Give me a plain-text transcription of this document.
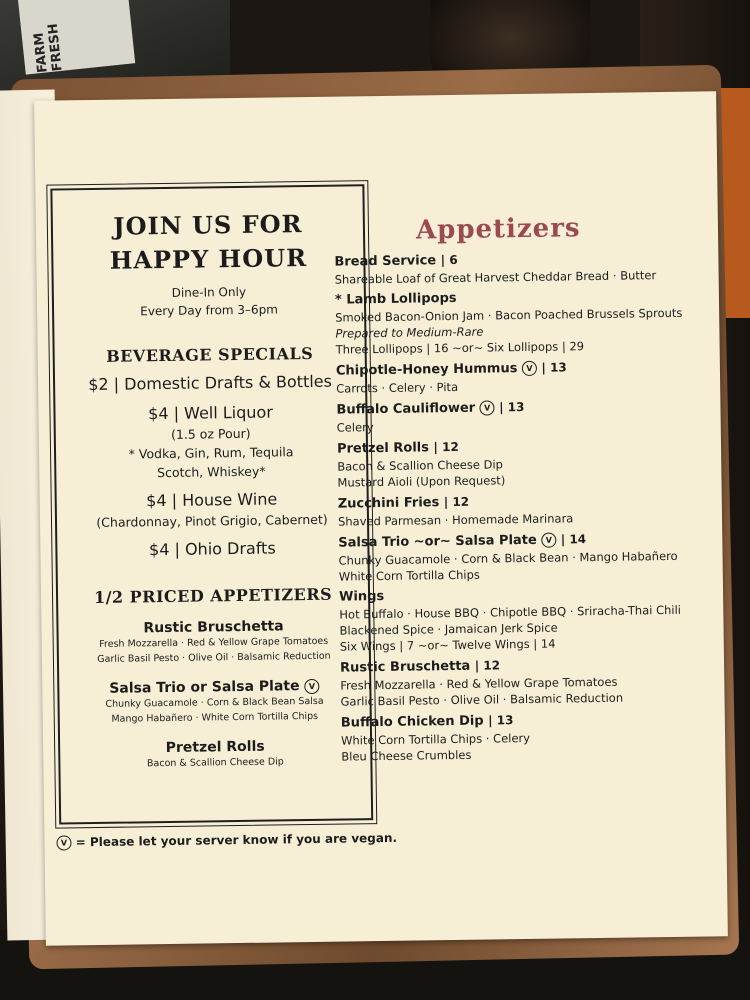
FARM FRESH
JOIN US FOR
HAPPY HOUR
Dine-In Only
Every Day from 3–6pm
BEVERAGE SPECIALS
$2 | Domestic Drafts & Bottles
$4 | Well Liquor
(1.5 oz Pour)
* Vodka, Gin, Rum, Tequila
Scotch, Whiskey*
$4 | House Wine
(Chardonnay, Pinot Grigio, Cabernet)
$4 | Ohio Drafts
1/2 PRICED APPETIZERS
Rustic Bruschetta
Fresh Mozzarella · Red & Yellow Grape Tomatoes
Garlic Basil Pesto · Olive Oil · Balsamic Reduction
Salsa Trio or Salsa Plate V
Chunky Guacamole · Corn & Black Bean Salsa
Mango Habañero · White Corn Tortilla Chips
Pretzel Rolls
Bacon & Scallion Cheese Dip
V = Please let your server know if you are vegan.
Appetizers
Bread Service | 6
Shareable Loaf of Great Harvest Cheddar Bread · Butter
* Lamb Lollipops
Smoked Bacon-Onion Jam · Bacon Poached Brussels Sprouts
Prepared to Medium-Rare
Three Lollipops | 16 ~or~ Six Lollipops | 29
Chipotle-Honey Hummus V | 13
Carrots · Celery · Pita
Buffalo Cauliflower V | 13
Celery
Pretzel Rolls | 12
Bacon & Scallion Cheese Dip
Mustard Aioli (Upon Request)
Zucchini Fries | 12
Shaved Parmesan · Homemade Marinara
Salsa Trio ~or~ Salsa Plate V | 14
Chunky Guacamole · Corn & Black Bean · Mango Habañero
White Corn Tortilla Chips
Wings
Hot Buffalo · House BBQ · Chipotle BBQ · Sriracha-Thai Chili
Blackened Spice · Jamaican Jerk Spice
Six Wings | 7 ~or~ Twelve Wings | 14
Rustic Bruschetta | 12
Fresh Mozzarella · Red & Yellow Grape Tomatoes
Garlic Basil Pesto · Olive Oil · Balsamic Reduction
Buffalo Chicken Dip | 13
White Corn Tortilla Chips · Celery
Bleu Cheese Crumbles
